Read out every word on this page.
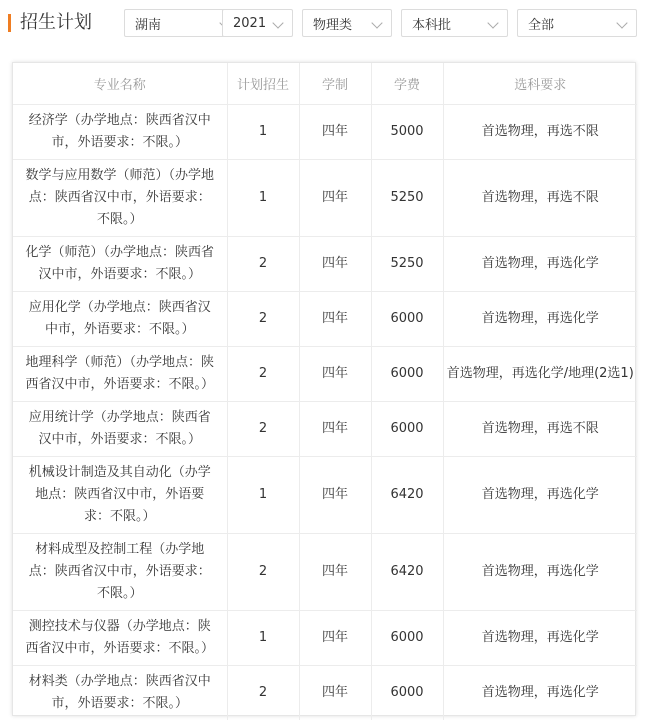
招生计划	湖南	2021	物理类	本科批	全部
专业名称	计划招生	学制	学费	选科要求
经济学（办学地点：陕西省汉中市，外语要求：不限。）	1	四年	5000	首选物理，再选不限
数学与应用数学（师范）（办学地点：陕西省汉中市，外语要求：不限。）	1	四年	5250	首选物理，再选不限
化学（师范）（办学地点：陕西省汉中市，外语要求：不限。）	2	四年	5250	首选物理，再选化学
应用化学（办学地点：陕西省汉中市，外语要求：不限。）	2	四年	6000	首选物理，再选化学
地理科学（师范）（办学地点：陕西省汉中市，外语要求：不限。）	2	四年	6000	首选物理，再选化学/地理(2选1)
应用统计学（办学地点：陕西省汉中市，外语要求：不限。）	2	四年	6000	首选物理，再选不限
机械设计制造及其自动化（办学地点：陕西省汉中市，外语要求：不限。）	1	四年	6420	首选物理，再选化学
材料成型及控制工程（办学地点：陕西省汉中市，外语要求：不限。）	2	四年	6420	首选物理，再选化学
测控技术与仪器（办学地点：陕西省汉中市，外语要求：不限。）	1	四年	6000	首选物理，再选化学
材料类（办学地点：陕西省汉中市，外语要求：不限。）	2	四年	6000	首选物理，再选化学
